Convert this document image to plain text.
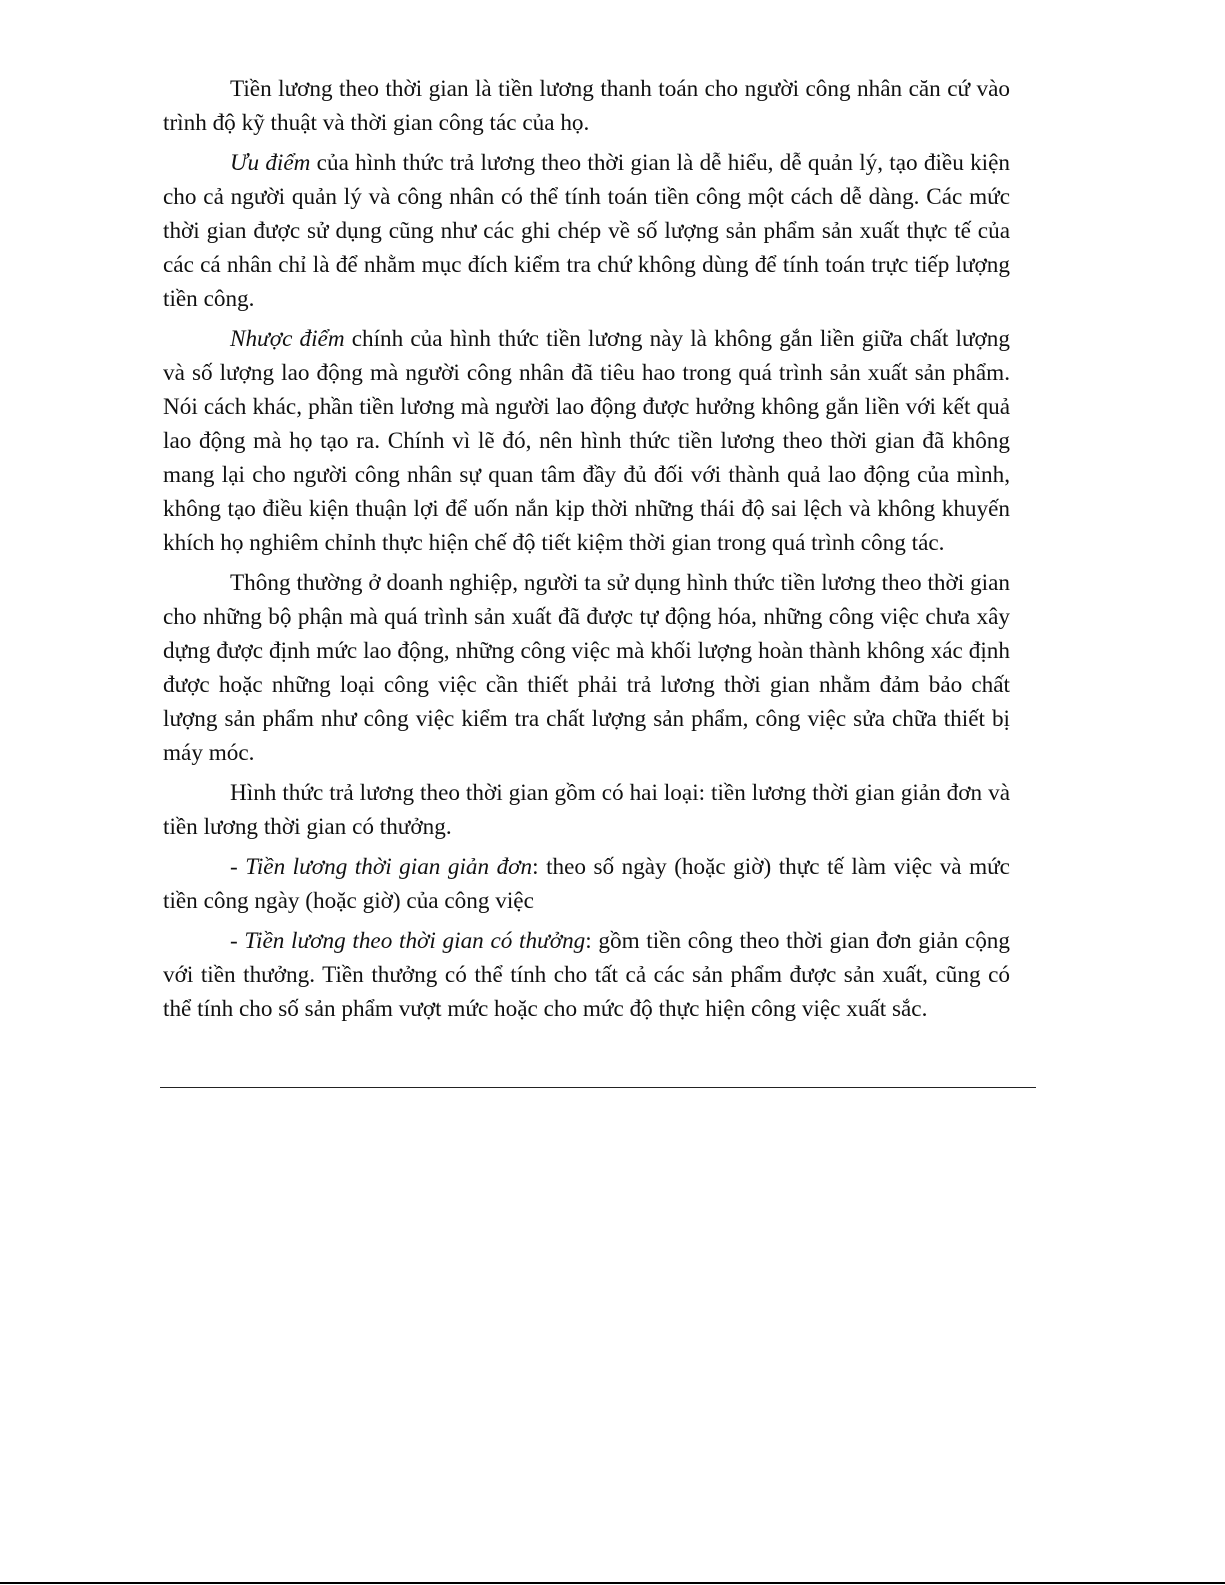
Tiền lương theo thời gian là tiền lương thanh toán cho người công nhân căn cứ vào trình độ kỹ thuật và thời gian công tác của họ.

Ưu điểm của hình thức trả lương theo thời gian là dễ hiểu, dễ quản lý, tạo điều kiện cho cả người quản lý và công nhân có thể tính toán tiền công một cách dễ dàng. Các mức thời gian được sử dụng cũng như các ghi chép về số lượng sản phẩm sản xuất thực tế của các cá nhân chỉ là để nhằm mục đích kiểm tra chứ không dùng để tính toán trực tiếp lượng tiền công.

Nhược điểm chính của hình thức tiền lương này là không gắn liền giữa chất lượng và số lượng lao động mà người công nhân đã tiêu hao trong quá trình sản xuất sản phẩm. Nói cách khác, phần tiền lương mà người lao động được hưởng không gắn liền với kết quả lao động mà họ tạo ra. Chính vì lẽ đó, nên hình thức tiền lương theo thời gian đã không mang lại cho người công nhân sự quan tâm đầy đủ đối với thành quả lao động của mình, không tạo điều kiện thuận lợi để uốn nắn kịp thời những thái độ sai lệch và không khuyến khích họ nghiêm chỉnh thực hiện chế độ tiết kiệm thời gian trong quá trình công tác.

Thông thường ở doanh nghiệp, người ta sử dụng hình thức tiền lương theo thời gian cho những bộ phận mà quá trình sản xuất đã được tự động hóa, những công việc chưa xây dựng được định mức lao động, những công việc mà khối lượng hoàn thành không xác định được hoặc những loại công việc cần thiết phải trả lương thời gian nhằm đảm bảo chất lượng sản phẩm như công việc kiểm tra chất lượng sản phẩm, công việc sửa chữa thiết bị máy móc.

Hình thức trả lương theo thời gian gồm có hai loại: tiền lương thời gian giản đơn và tiền lương thời gian có thưởng.

- Tiền lương thời gian giản đơn: theo số ngày (hoặc giờ) thực tế làm việc và mức tiền công ngày (hoặc giờ) của công việc

- Tiền lương theo thời gian có thưởng: gồm tiền công theo thời gian đơn giản cộng với tiền thưởng. Tiền thưởng có thể tính cho tất cả các sản phẩm được sản xuất, cũng có thể tính cho số sản phẩm vượt mức hoặc cho mức độ thực hiện công việc xuất sắc.
